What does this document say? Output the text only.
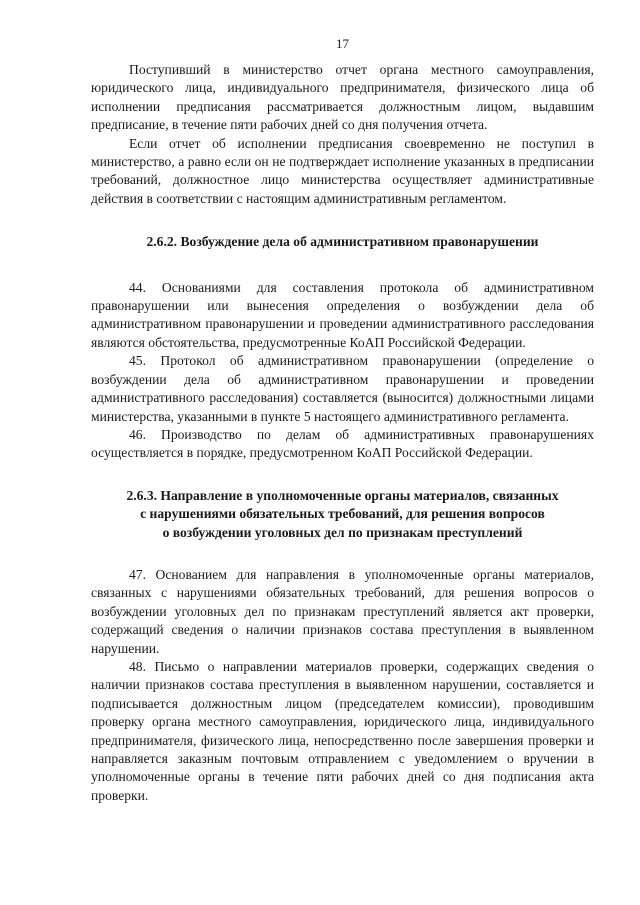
17

Поступивший в министерство отчет органа местного самоуправления, юридического лица, индивидуального предпринимателя, физического лица об исполнении предписания рассматривается должностным лицом, выдавшим предписание, в течение пяти рабочих дней со дня получения отчета.

Если отчет об исполнении предписания своевременно не поступил в министерство, а равно если он не подтверждает исполнение указанных в предписании требований, должностное лицо министерства осуществляет административные действия в соответствии с настоящим административным регламентом.

2.6.2. Возбуждение дела об административном правонарушении

44. Основаниями для составления протокола об административном правонарушении или вынесения определения о возбуждении дела об административном правонарушении и проведении административного расследования являются обстоятельства, предусмотренные КоАП Российской Федерации.

45. Протокол об административном правонарушении (определение о возбуждении дела об административном правонарушении и проведении административного расследования) составляется (выносится) должностными лицами министерства, указанными в пункте 5 настоящего административного регламента.

46. Производство по делам об административных правонарушениях осуществляется в порядке, предусмотренном КоАП Российской Федерации.

2.6.3. Направление в уполномоченные органы материалов, связанных
с нарушениями обязательных требований, для решения вопросов
о возбуждении уголовных дел по признакам преступлений

47. Основанием для направления в уполномоченные органы материалов, связанных с нарушениями обязательных требований, для решения вопросов о возбуждении уголовных дел по признакам преступлений является акт проверки, содержащий сведения о наличии признаков состава преступления в выявленном нарушении.

48. Письмо о направлении материалов проверки, содержащих сведения о наличии признаков состава преступления в выявленном нарушении, составляется и подписывается должностным лицом (председателем комиссии), проводившим проверку органа местного самоуправления, юридического лица, индивидуального предпринимателя, физического лица, непосредственно после завершения проверки и направляется заказным почтовым отправлением с уведомлением о вручении в уполномоченные органы в течение пяти рабочих дней со дня подписания акта проверки.
